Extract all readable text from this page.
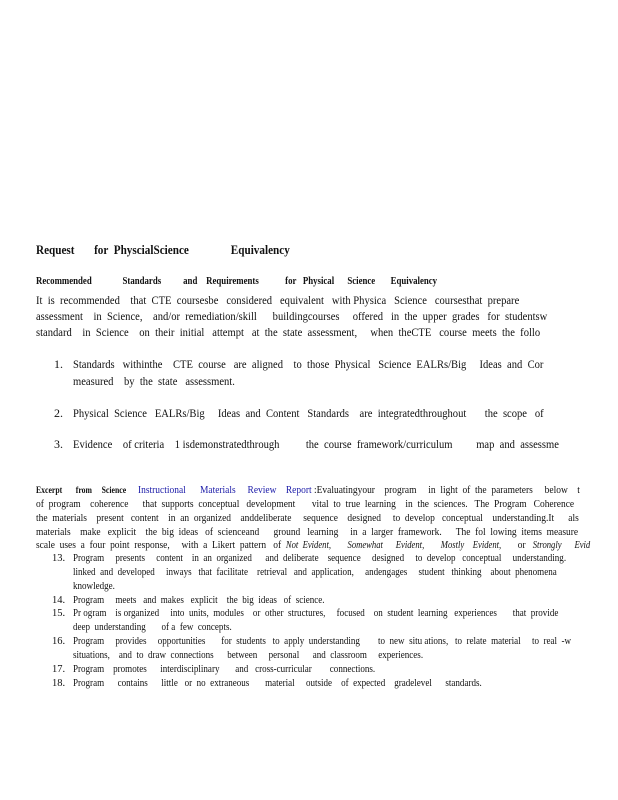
Request       for  PhyscialScience               Equivalency
Recommended              Standards          and    Requirements            for   Physical      Science       Equivalency
It  is  recommended    that  CTE  coursesbe   considered   equivalent   with Physica   Science   coursesthat  prepare
assessment    in  Science,    and/or  remediation/skill      buildingcourses     offered   in  the  upper  grades   for  studentsw
standard    in  Science    on  their  initial   attempt   at  the  state  assessment,     when  theCTE   course  meets  the  follo
1. Standards   withinthe    CTE  course   are  aligned    to  those  Physical   Science  EALRs/Big     Ideas  and  Cor
measured    by  the  state   assessment.
2. Physical  Science   EALRs/Big     Ideas  and  Content   Standards    are  integratedthroughout       the  scope   of
3. Evidence    of criteria    1 isdemonstratedthrough          the  course  framework/curriculum         map  and  assessme
Excerpt       from     Science Instructional      Materials     Review    Report :Evaluatingyour    program     in  light  of  the  parameters     below    t
of  program    coherence      that  supports  conceptual   development       vital  to  true  learning    in  the  sciences.   The  Program   Coherence
the  materials    present   content    in  an  organized    anddeliberate     sequence    designed     to  develop   conceptual    understanding.It      als
materials    make   explicit    the  big  ideas   of  scienceand      ground   learning     in  a  larger  framework.      The  fol  lowing  items  measure
scale  uses  a  four  point  response,     with  a  Likert  pattern   of Not  Evident, Somewhat      Evident, Mostly    Evident, or Strongly      Evid
13. Program     presents     content    in  an  organized      and  deliberate    sequence     designed     to  develop   conceptual     understanding.
linked  and  developed     inways   that  facilitate    retrieval   and  application,     andengages     student   thinking    about  phenomena
knowledge.
14. Program     meets   and  makes   explicit    the  big  ideas   of  science.
15. Pr ogram    is organized     into  units,  modules    or  other  structures,     focused    on  student  learning   experiences       that  provide
deep  understanding       of a  few  concepts.
16. Program     provides     opportunities       for  students   to  apply  understanding        to  new  situ ations,   to  relate  material     to  real  -w
situations,    and  to  draw  connections      between     personal      and  classroom     experiences.
17. Program    promotes      interdisciplinary       and   cross-curricular        connections.
18. Program      contains      little   or  no  extraneous       material     outside    of  expected    gradelevel      standards.
